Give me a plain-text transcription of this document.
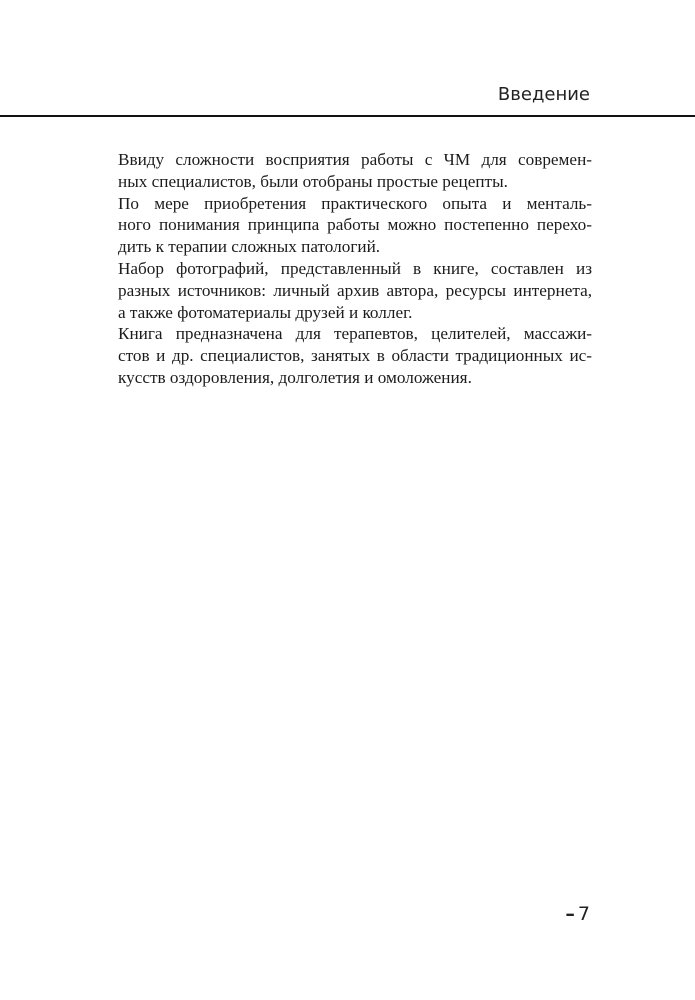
Введение

Ввиду сложности восприятия работы с ЧМ для современ-
ных специалистов, были отобраны простые рецепты.

По мере приобретения практического опыта и менталь-
ного понимания принципа работы можно постепенно перехо-
дить к терапии сложных патологий.

Набор фотографий, представленный в книге, составлен из
разных источников: личный архив автора, ресурсы интернета,
а также фотоматериалы друзей и коллег.

Книга предназначена для терапевтов, целителей, массажи-
стов и др. специалистов, занятых в области традиционных ис-
кусств оздоровления, долголетия и омоложения.

– 7
